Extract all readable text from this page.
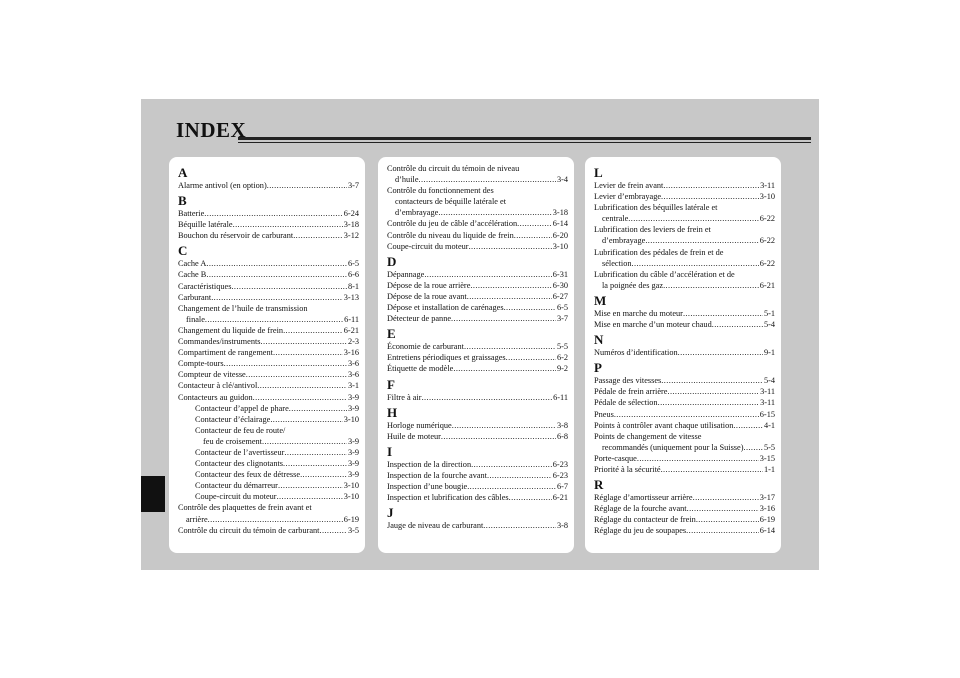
INDEX
A
Alarme antivol (en option) .....	3-7
B
Batterie .....	6-24
Béquille latérale .....	3-18
Bouchon du réservoir de carburant .....	3-12
C
Cache A .....	6-5
Cache B .....	6-6
Caractéristiques .....	8-1
Carburant .....	3-13
Changement de l’huile de transmission
finale .....	6-11
Changement du liquide de frein .....	6-21
Commandes/instruments .....	2-3
Compartiment de rangement .....	3-16
Compte-tours .....	3-6
Compteur de vitesse .....	3-6
Contacteur à clé/antivol .....	3-1
Contacteurs au guidon .....	3-9
Contacteur d’appel de phare .....	3-9
Contacteur d’éclairage .....	3-10
Contacteur de feu de route/
feu de croisement .....	3-9
Contacteur de l’avertisseur .....	3-9
Contacteur des clignotants .....	3-9
Contacteur des feux de détresse .....	3-9
Contacteur du démarreur .....	3-10
Coupe-circuit du moteur .....	3-10
Contrôle des plaquettes de frein avant et
arrière .....	6-19
Contrôle du circuit du témoin de carburant .....	3-5
Contrôle du circuit du témoin de niveau
d’huile .....	3-4
Contrôle du fonctionnement des
contacteurs de béquille latérale et
d’embrayage .....	3-18
Contrôle du jeu de câble d’accélération .....	6-14
Contrôle du niveau du liquide de frein .....	6-20
Coupe-circuit du moteur .....	3-10
D
Dépannage .....	6-31
Dépose de la roue arrière .....	6-30
Dépose de la roue avant .....	6-27
Dépose et installation de carénages .....	6-5
Détecteur de panne .....	3-7
E
Économie de carburant .....	5-5
Entretiens périodiques et graissages .....	6-2
Étiquette de modèle .....	9-2
F
Filtre à air .....	6-11
H
Horloge numérique .....	3-8
Huile de moteur .....	6-8
I
Inspection de la direction .....	6-23
Inspection de la fourche avant .....	6-23
Inspection d’une bougie .....	6-7
Inspection et lubrification des câbles .....	6-21
J
Jauge de niveau de carburant .....	3-8
L
Levier de frein avant .....	3-11
Levier d’embrayage .....	3-10
Lubrification des béquilles latérale et
centrale .....	6-22
Lubrification des leviers de frein et
d’embrayage .....	6-22
Lubrification des pédales de frein et de
sélection .....	6-22
Lubrification du câble d’accélération et de
la poignée des gaz .....	6-21
M
Mise en marche du moteur .....	5-1
Mise en marche d’un moteur chaud .....	5-4
N
Numéros d’identification .....	9-1
P
Passage des vitesses .....	5-4
Pédale de frein arrière .....	3-11
Pédale de sélection .....	3-11
Pneus .....	6-15
Points à contrôler avant chaque utilisation .....	4-1
Points de changement de vitesse
recommandés (uniquement pour la Suisse) ..... 5-5
Porte-casque .....	3-15
Priorité à la sécurité .....	1-1
R
Réglage d’amortisseur arrière .....	3-17
Réglage de la fourche avant .....	3-16
Réglage du contacteur de frein .....	6-19
Réglage du jeu de soupapes .....	6-14
